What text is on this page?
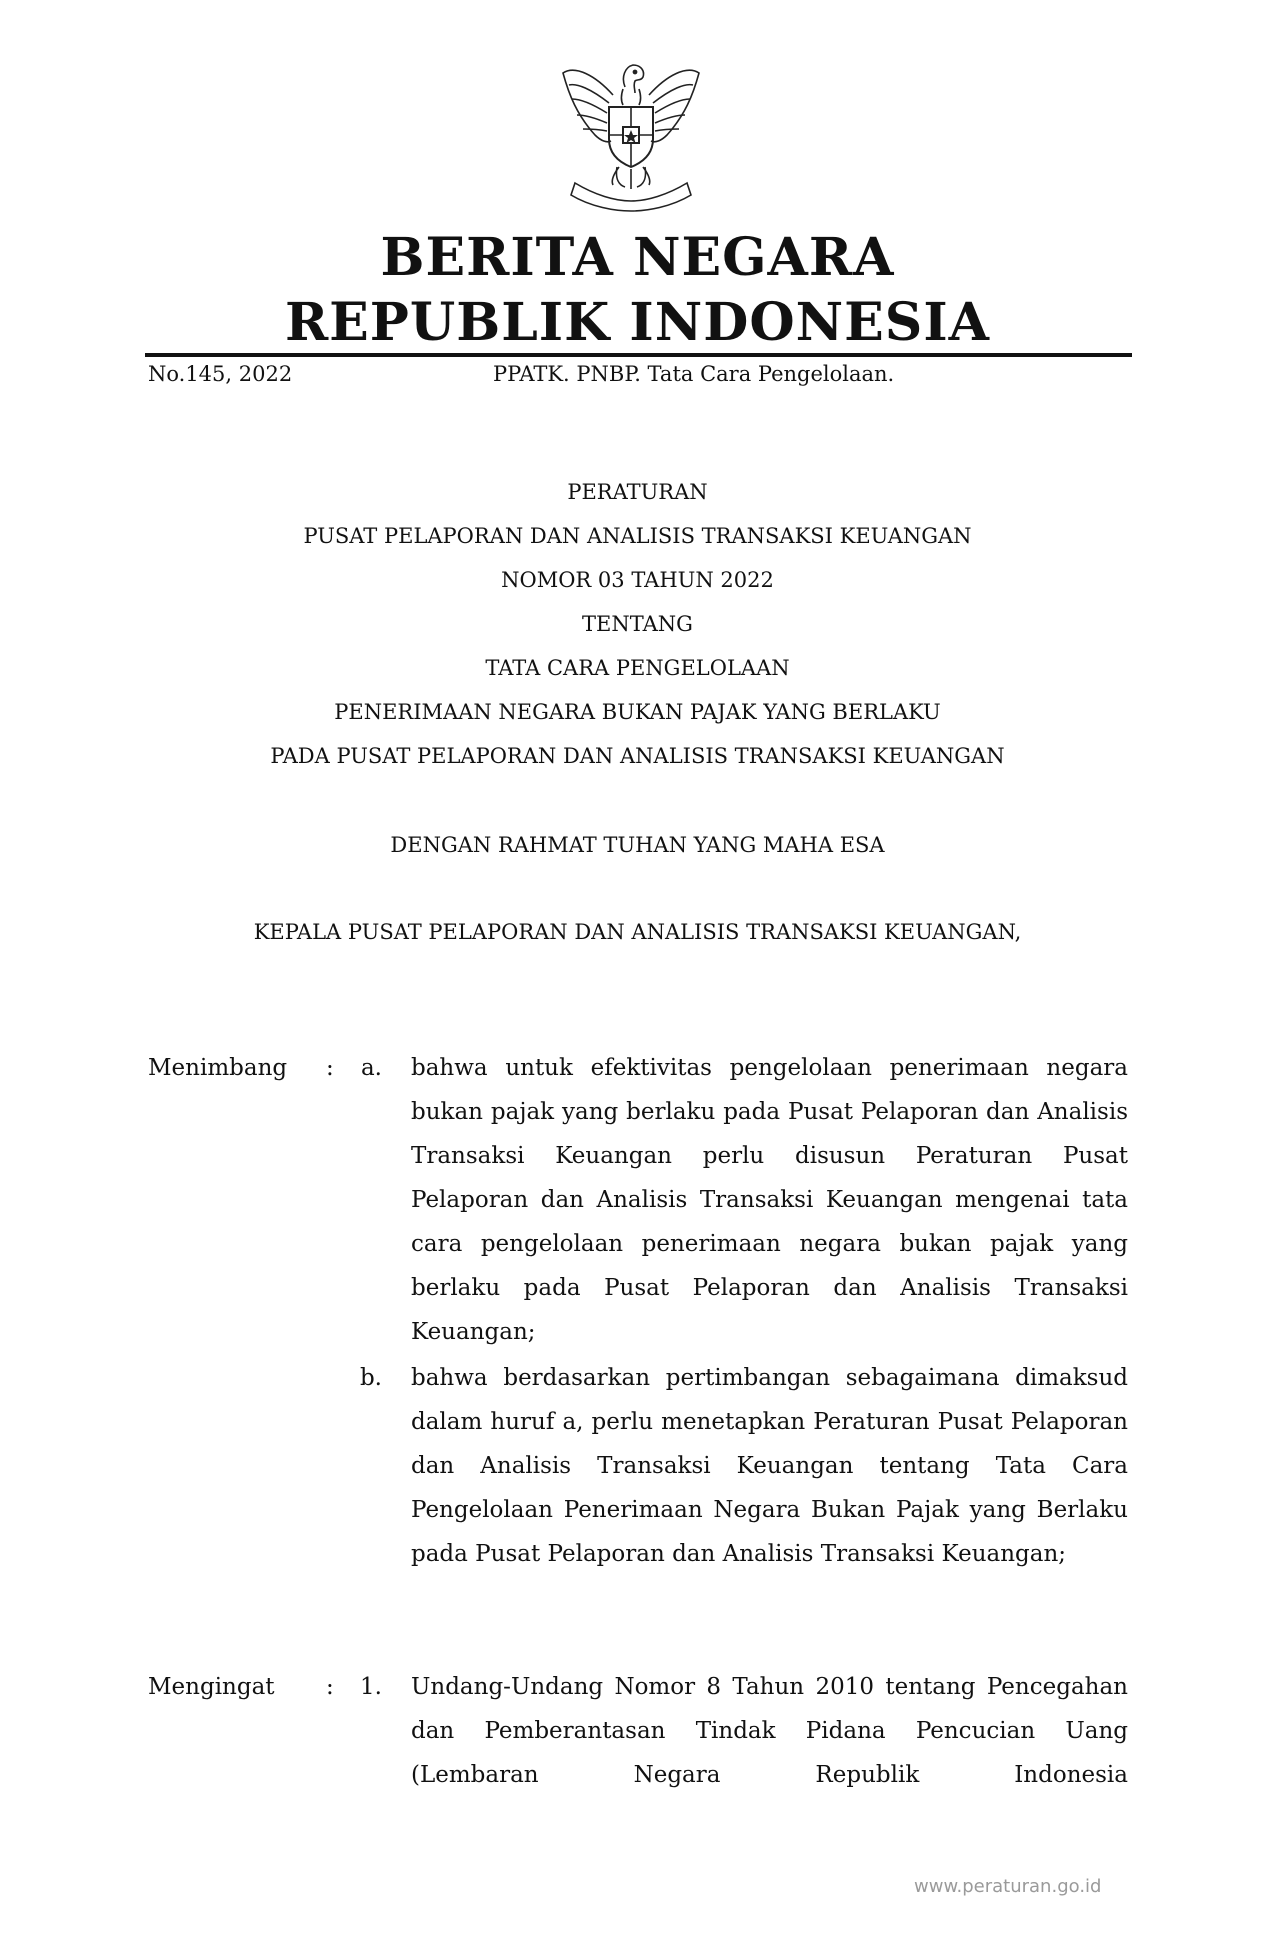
BERITA NEGARA
REPUBLIK INDONESIA
No.145, 2022	PPATK. PNBP. Tata Cara Pengelolaan.
PERATURAN
PUSAT PELAPORAN DAN ANALISIS TRANSAKSI KEUANGAN
NOMOR 03 TAHUN 2022
TENTANG
TATA CARA PENGELOLAAN
PENERIMAAN NEGARA BUKAN PAJAK YANG BERLAKU
PADA PUSAT PELAPORAN DAN ANALISIS TRANSAKSI KEUANGAN
DENGAN RAHMAT TUHAN YANG MAHA ESA
KEPALA PUSAT PELAPORAN DAN ANALISIS TRANSAKSI KEUANGAN,
Menimbang :	a. bahwa untuk efektivitas pengelolaan penerimaan negara bukan pajak yang berlaku pada Pusat Pelaporan dan Analisis Transaksi Keuangan perlu disusun Peraturan Pusat Pelaporan dan Analisis Transaksi Keuangan mengenai tata cara pengelolaan penerimaan negara bukan pajak yang berlaku pada Pusat Pelaporan dan Analisis Transaksi Keuangan;

b. bahwa berdasarkan pertimbangan sebagaimana dimaksud dalam huruf a, perlu menetapkan Peraturan Pusat Pelaporan dan Analisis Transaksi Keuangan tentang Tata Cara Pengelolaan Penerimaan Negara Bukan Pajak yang Berlaku pada Pusat Pelaporan dan Analisis Transaksi Keuangan;

Mengingat :	1. Undang-Undang Nomor 8 Tahun 2010 tentang Pencegahan dan Pemberantasan Tindak Pidana Pencucian Uang (Lembaran Negara Republik Indonesia

www.peraturan.go.id
